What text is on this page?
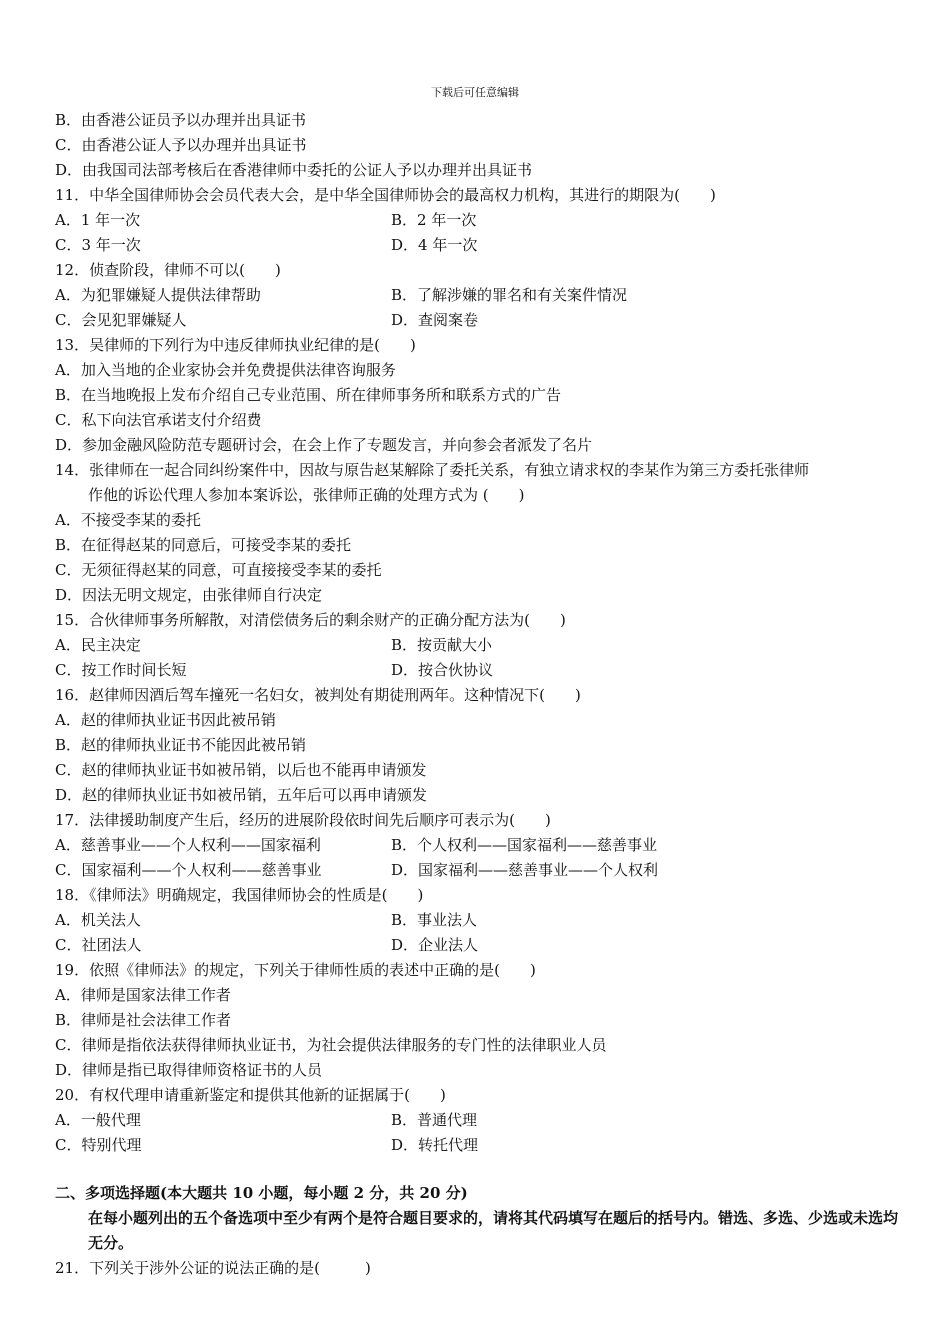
下载后可任意编辑
B．由香港公证员予以办理并出具证书
C．由香港公证人予以办理并出具证书
D．由我国司法部考核后在香港律师中委托的公证人予以办理并出具证书
11．中华全国律师协会会员代表大会，是中华全国律师协会的最高权力机构，其进行的期限为(　　)
A．1 年一次	B．2 年一次
C．3 年一次	D．4 年一次
12．侦查阶段，律师不可以(　　)
A．为犯罪嫌疑人提供法律帮助	B．了解涉嫌的罪名和有关案件情况
C．会见犯罪嫌疑人	D．查阅案卷
13．吴律师的下列行为中违反律师执业纪律的是(　　)
A．加入当地的企业家协会并免费提供法律咨询服务
B．在当地晚报上发布介绍自己专业范围、所在律师事务所和联系方式的广告
C．私下向法官承诺支付介绍费
D．参加金融风险防范专题研讨会，在会上作了专题发言，并向参会者派发了名片
14．张律师在一起合同纠纷案件中，因故与原告赵某解除了委托关系，有独立请求权的李某作为第三方委托张律师
作他的诉讼代理人参加本案诉讼，张律师正确的处理方式为 (　　)
A．不接受李某的委托
B．在征得赵某的同意后，可接受李某的委托
C．无须征得赵某的同意，可直接接受李某的委托
D．因法无明文规定，由张律师自行决定
15．合伙律师事务所解散，对清偿债务后的剩余财产的正确分配方法为(　　)
A．民主决定	B．按贡献大小
C．按工作时间长短	D．按合伙协议
16．赵律师因酒后驾车撞死一名妇女，被判处有期徒刑两年。这种情况下(　　)
A．赵的律师执业证书因此被吊销
B．赵的律师执业证书不能因此被吊销
C．赵的律师执业证书如被吊销，以后也不能再申请颁发
D．赵的律师执业证书如被吊销，五年后可以再申请颁发
17．法律援助制度产生后，经历的进展阶段依时间先后顺序可表示为(　　)
A．慈善事业——个人权利——国家福利	B．个人权利——国家福利——慈善事业
C．国家福利——个人权利——慈善事业	D．国家福利——慈善事业——个人权利
18．《律师法》明确规定，我国律师协会的性质是(　　)
A．机关法人	B．事业法人
C．社团法人	D．企业法人
19．依照《律师法》的规定，下列关于律师性质的表述中正确的是(　　)
A．律师是国家法律工作者
B．律师是社会法律工作者
C．律师是指依法获得律师执业证书，为社会提供法律服务的专门性的法律职业人员
D．律师是指已取得律师资格证书的人员
20．有权代理申请重新鉴定和提供其他新的证据属于(　　)
A．一般代理	B．普通代理
C．特别代理	D．转托代理
二、多项选择题(本大题共 10 小题，每小题 2 分，共 20 分)
在每小题列出的五个备选项中至少有两个是符合题目要求的，请将其代码填写在题后的括号内。错选、多选、少选或未选均无分。
21．下列关于涉外公证的说法正确的是(　　　)
